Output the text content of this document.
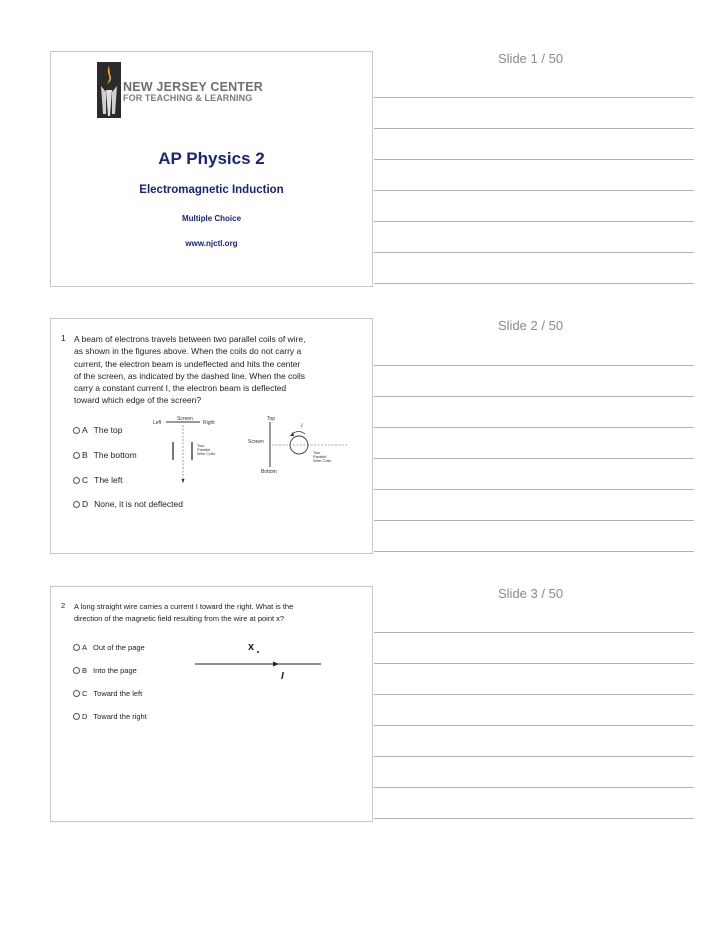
Slide 1 / 50
NEW JERSEY CENTER
FOR TEACHING & LEARNING
AP Physics 2
Electromagnetic Induction
Multiple Choice
www.njctl.org
Slide 2 / 50
1 A beam of electrons travels between two parallel coils of wire,
as shown in the figures above. When the coils do not carry a
current, the electron beam is undeflected and hits the center
of the screen, as indicated by the dashed line. When the coils
carry a constant current I, the electron beam is deflected
toward which edge of the screen?
A The top
B The bottom
C The left
D None, it is not deflected
Screen
Left	Right
Two
Parallel
Wire Coils
Top
Screen
Bottom
I
Two
Parallel
Wire Coils
Slide 3 / 50
2 A long straight wire carries a current I toward the right. What is the
direction of the magnetic field resulting from the wire at point x?
A Out of the page
B Into the page
C Toward the left
D Toward the right
x
I
